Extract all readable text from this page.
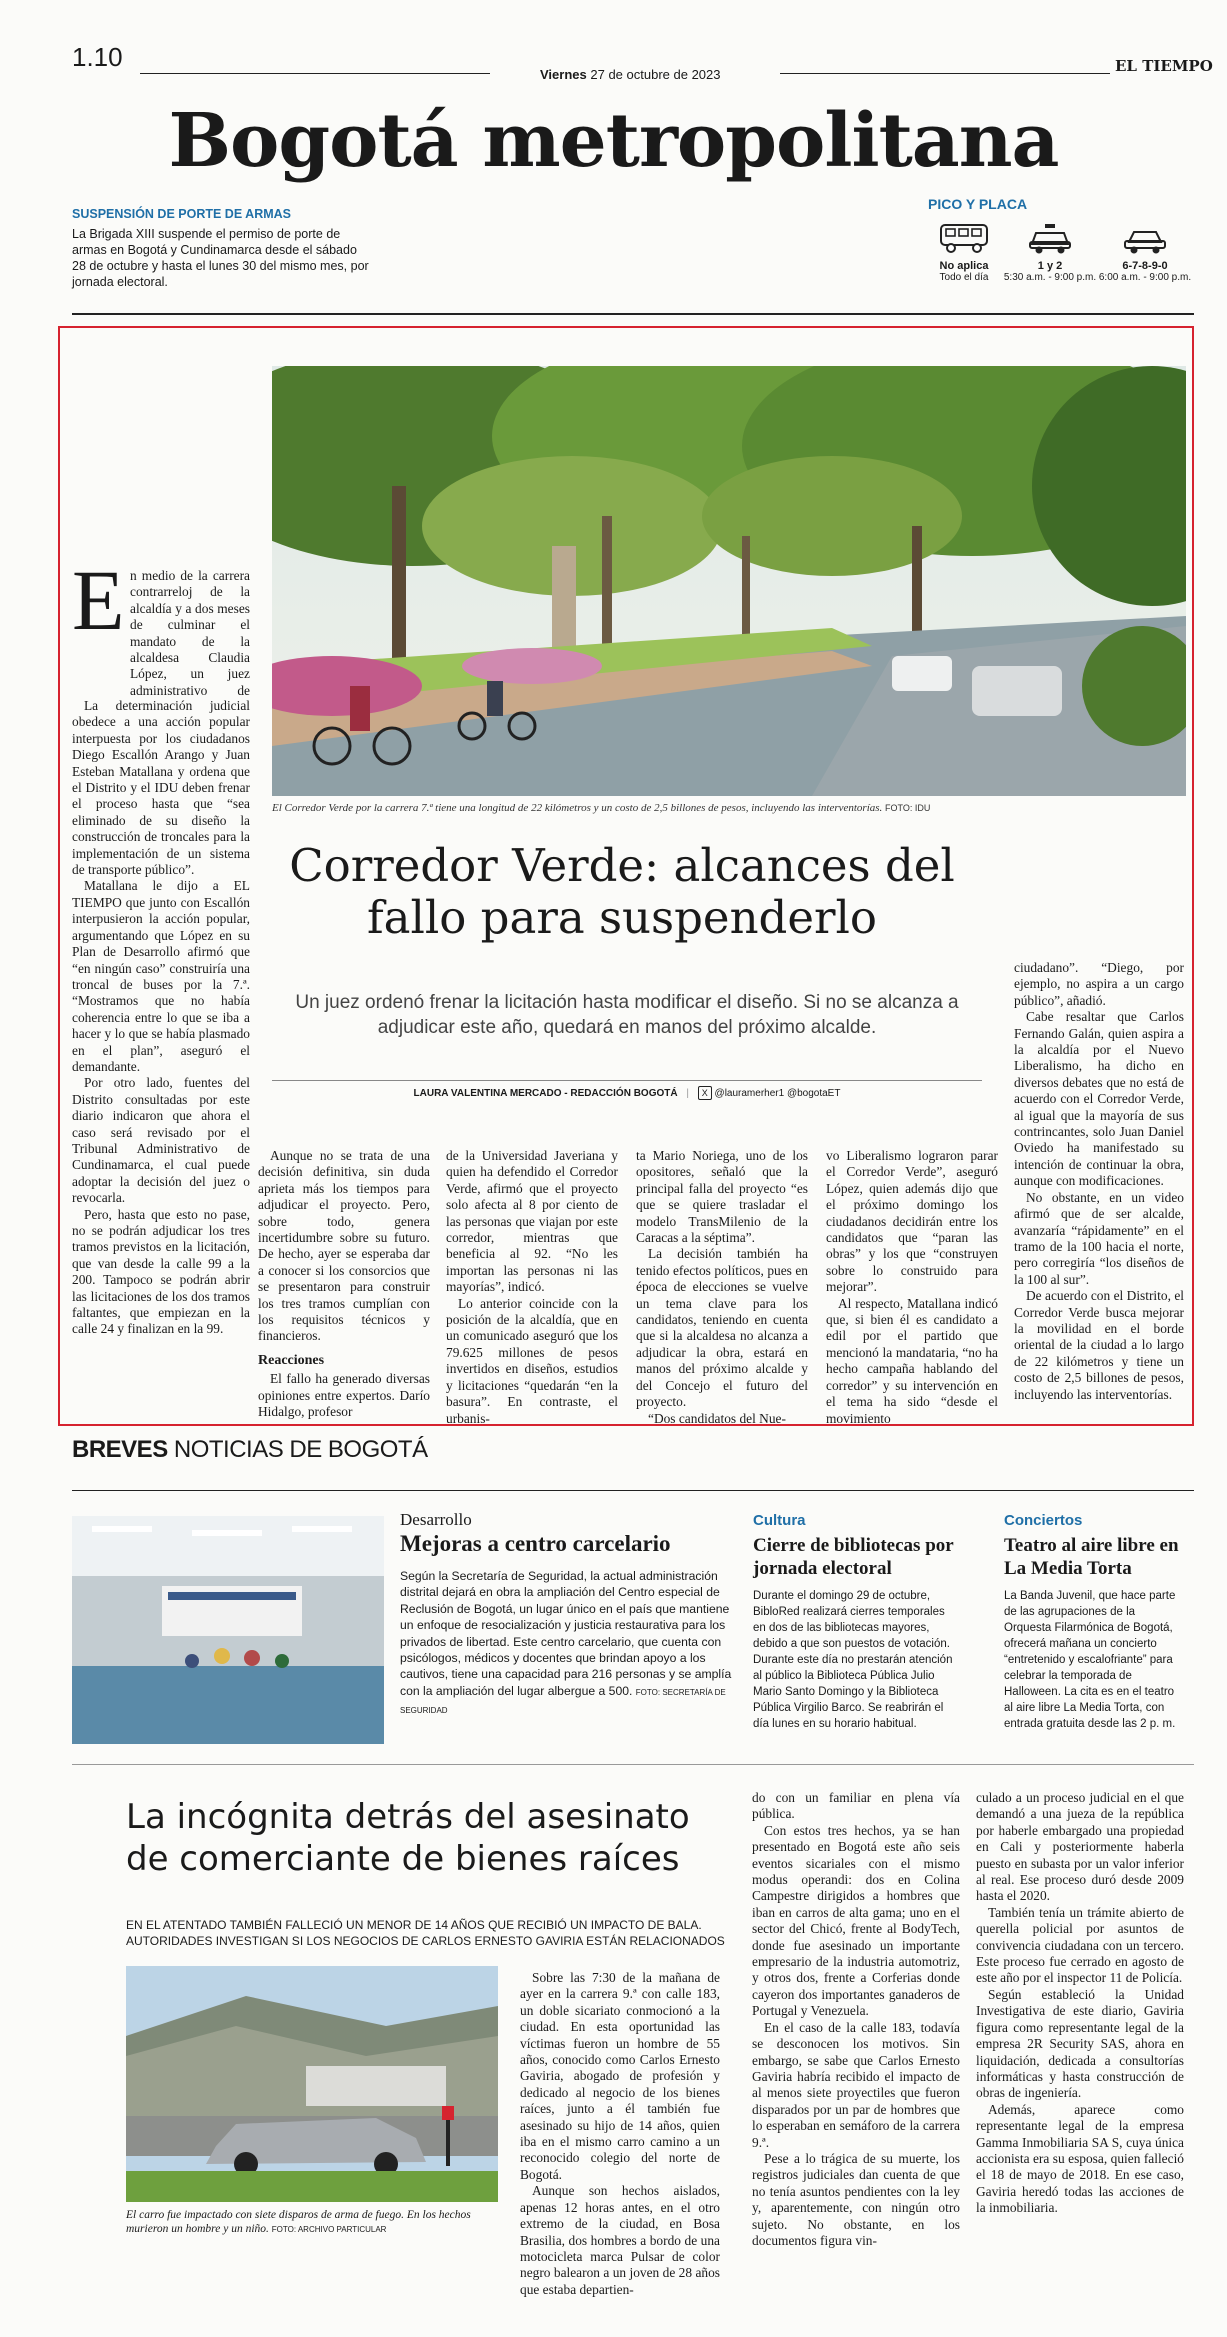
1.10
Viernes 27 de octubre de 2023	EL TIEMPO
Bogotá metropolitana
SUSPENSIÓN DE PORTE DE ARMAS
La Brigada XIII suspende el permiso de porte de armas en Bogotá y Cundinamarca desde el sábado 28 de octubre y hasta el lunes 30 del mismo mes, por jornada electoral.
PICO Y PLACA
No aplica
Todo el día
1 y 2
5:30 a.m. - 9:00 p.m.
6-7-8-9-0
6:00 a.m. - 9:00 p.m.
E n medio de la carrera contrarreloj de la alcaldía y a dos meses de culminar el mandato de la alcaldesa Claudia López, un juez administrativo de

La determinación judicial obedece a una acción popular interpuesta por los ciudadanos Diego Escallón Arango y Juan Esteban Matallana y ordena que el Distrito y el IDU deben frenar el proceso hasta que “sea eliminado de su diseño la construcción de troncales para la implementación de un sistema de transporte público”.

Matallana le dijo a EL TIEMPO que junto con Escallón interpusieron la acción popular, argumentando que López en su Plan de Desarrollo afirmó que “en ningún caso” construiría una troncal de buses por la 7.ª. “Mostramos que no había coherencia entre lo que se iba a hacer y lo que se había plasmado en el plan”, aseguró el demandante.

Por otro lado, fuentes del Distrito consultadas por este diario indicaron que ahora el caso será revisado por el Tribunal Administrativo de Cundinamarca, el cual puede adoptar la decisión del juez o revocarla.

Pero, hasta que esto no pase, no se podrán adjudicar los tres tramos previstos en la licitación, que van desde la calle 99 a la 200. Tampoco se podrán abrir las licitaciones de los dos tramos faltantes, que empiezan en la calle 24 y finalizan en la 99.

El Corredor Verde por la carrera 7.ª tiene una longitud de 22 kilómetros y un costo de 2,5 billones de pesos, incluyendo las interventorías. FOTO: IDU
Corredor Verde: alcances del fallo para suspenderlo
Un juez ordenó frenar la licitación hasta modificar el diseño. Si no se alcanza a adjudicar este año, quedará en manos del próximo alcalde.
LAURA VALENTINA MERCADO - REDACCIÓN BOGOTÁ | X @lauramerher1 @bogotaET

Aunque no se trata de una decisión definitiva, sin duda aprieta más los tiempos para adjudicar el proyecto. Pero, sobre todo, genera incertidumbre sobre su futuro. De hecho, ayer se esperaba dar a conocer si los consorcios que se presentaron para construir los tres tramos cumplían con los requisitos técnicos y financieros.

Reacciones

El fallo ha generado diversas opiniones entre expertos. Darío Hidalgo, profesor

de la Universidad Javeriana y quien ha defendido el Corredor Verde, afirmó que el proyecto solo afecta al 8 por ciento de las personas que viajan por este corredor, mientras que beneficia al 92. “No les importan las personas ni las mayorías”, indicó.

Lo anterior coincide con la posición de la alcaldía, que en un comunicado aseguró que los 79.625 millones de pesos invertidos en diseños, estudios y licitaciones “quedarán “en la basura”. En contraste, el urbanis-

ta Mario Noriega, uno de los opositores, señaló que la principal falla del proyecto “es que se quiere trasladar el modelo TransMilenio de la Caracas a la séptima”.

La decisión también ha tenido efectos políticos, pues en época de elecciones se vuelve un tema clave para los candidatos, teniendo en cuenta que si la alcaldesa no alcanza a adjudicar la obra, estará en manos del próximo alcalde y del Concejo el futuro del proyecto.

“Dos candidatos del Nue-

vo Liberalismo lograron parar el Corredor Verde”, aseguró López, quien además dijo que el próximo domingo los ciudadanos decidirán entre los candidatos que “paran las obras” y los que “construyen sobre lo construido para mejorar”.

Al respecto, Matallana indicó que, si bien él es candidato a edil por el partido que mencionó la mandataria, “no ha hecho campaña hablando del corredor” y su intervención en el tema ha sido “desde el movimiento

ciudadano”. “Diego, por ejemplo, no aspira a un cargo público”, añadió.

Cabe resaltar que Carlos Fernando Galán, quien aspira a la alcaldía por el Nuevo Liberalismo, ha dicho en diversos debates que no está de acuerdo con el Corredor Verde, al igual que la mayoría de sus contrincantes, solo Juan Daniel Oviedo ha manifestado su intención de continuar la obra, aunque con modificaciones.

No obstante, en un video afirmó que de ser alcalde, avanzaría “rápidamente” en el tramo de la 100 hacia el norte, pero corregiría “los diseños de la 100 al sur”.

De acuerdo con el Distrito, el Corredor Verde busca mejorar la movilidad en el borde oriental de la ciudad a lo largo de 22 kilómetros y tiene un costo de 2,5 billones de pesos, incluyendo las interventorías.

BREVES NOTICIAS DE BOGOTÁ
Desarrollo
Mejoras a centro carcelario
Según la Secretaría de Seguridad, la actual administración distrital dejará en obra la ampliación del Centro especial de Reclusión de Bogotá, un lugar único en el país que mantiene un enfoque de resocialización y justicia restaurativa para los privados de libertad. Este centro carcelario, que cuenta con psicólogos, médicos y docentes que brindan apoyo a los cautivos, tiene una capacidad para 216 personas y se amplía con la ampliación del lugar albergue a 500. FOTO: SECRETARÍA DE SEGURIDAD
Cultura
Cierre de bibliotecas por jornada electoral
Durante el domingo 29 de octubre, BibloRed realizará cierres temporales en dos de las bibliotecas mayores, debido a que son puestos de votación. Durante este día no prestarán atención al público la Biblioteca Pública Julio Mario Santo Domingo y la Biblioteca Pública Virgilio Barco. Se reabrirán el día lunes en su horario habitual.
Conciertos
Teatro al aire libre en La Media Torta
La Banda Juvenil, que hace parte de las agrupaciones de la Orquesta Filarmónica de Bogotá, ofrecerá mañana un concierto “entretenido y escalofriante” para celebrar la temporada de Halloween. La cita es en el teatro al aire libre La Media Torta, con entrada gratuita desde las 2 p. m.
La incógnita detrás del asesinato de comerciante de bienes raíces
EN EL ATENTADO TAMBIÉN FALLECIÓ UN MENOR DE 14 AÑOS QUE RECIBIÓ UN IMPACTO DE BALA. AUTORIDADES INVESTIGAN SI LOS NEGOCIOS DE CARLOS ERNESTO GAVIRIA ESTÁN RELACIONADOS
El carro fue impactado con siete disparos de arma de fuego. En los hechos murieron un hombre y un niño. FOTO: ARCHIVO PARTICULAR

Sobre las 7:30 de la mañana de ayer en la carrera 9.ª con calle 183, un doble sicariato conmocionó a la ciudad. En esta oportunidad las víctimas fueron un hombre de 55 años, conocido como Carlos Ernesto Gaviria, abogado de profesión y dedicado al negocio de los bienes raíces, junto a él también fue asesinado su hijo de 14 años, quien iba en el mismo carro camino a un reconocido colegio del norte de Bogotá.

Aunque son hechos aislados, apenas 12 horas antes, en el otro extremo de la ciudad, en Bosa Brasilia, dos hombres a bordo de una motocicleta marca Pulsar de color negro balearon a un joven de 28 años que estaba departien-

do con un familiar en plena vía pública.

Con estos tres hechos, ya se han presentado en Bogotá este año seis eventos sicariales con el mismo modus operandi: dos en Colina Campestre dirigidos a hombres que iban en carros de alta gama; uno en el sector del Chicó, frente al BodyTech, donde fue asesinado un importante empresario de la industria automotriz, y otros dos, frente a Corferias donde cayeron dos importantes ganaderos de Portugal y Venezuela.

En el caso de la calle 183, todavía se desconocen los motivos. Sin embargo, se sabe que Carlos Ernesto Gaviria habría recibido el impacto de al menos siete proyectiles que fueron disparados por un par de hombres que lo esperaban en semáforo de la carrera 9.ª.

Pese a lo trágica de su muerte, los registros judiciales dan cuenta de que no tenía asuntos pendientes con la ley y, aparentemente, con ningún otro sujeto. No obstante, en los documentos figura vin-

culado a un proceso judicial en el que demandó a una jueza de la república por haberle embargado una propiedad en Cali y posteriormente haberla puesto en subasta por un valor inferior al real. Ese proceso duró desde 2009 hasta el 2020.

También tenía un trámite abierto de querella policial por asuntos de convivencia ciudadana con un tercero. Este proceso fue cerrado en agosto de este año por el inspector 11 de Policía.

Según estableció la Unidad Investigativa de este diario, Gaviria figura como representante legal de la empresa 2R Security SAS, ahora en liquidación, dedicada a consultorías informáticas y hasta construcción de obras de ingeniería.

Además, aparece como representante legal de la empresa Gamma Inmobiliaria SA S, cuya única accionista era su esposa, quien falleció el 18 de mayo de 2018. En ese caso, Gaviria heredó todas las acciones de la inmobiliaria.
